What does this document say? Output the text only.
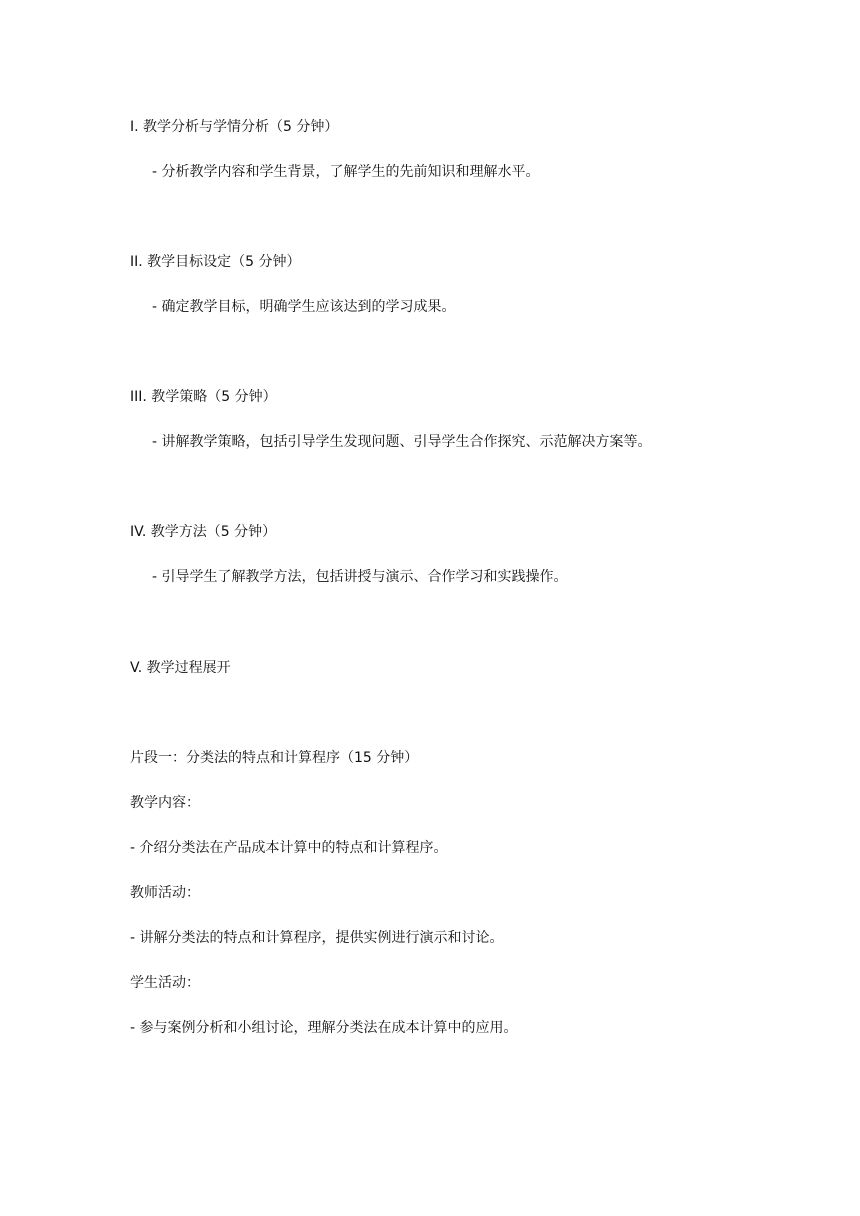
I. 教学分析与学情分析（5 分钟）
- 分析教学内容和学生背景，了解学生的先前知识和理解水平。
II. 教学目标设定（5 分钟）
- 确定教学目标，明确学生应该达到的学习成果。
III. 教学策略（5 分钟）
- 讲解教学策略，包括引导学生发现问题、引导学生合作探究、示范解决方案等。
IV. 教学方法（5 分钟）
- 引导学生了解教学方法，包括讲授与演示、合作学习和实践操作。
V. 教学过程展开
片段一：分类法的特点和计算程序（15 分钟）
教学内容：
- 介绍分类法在产品成本计算中的特点和计算程序。
教师活动：
- 讲解分类法的特点和计算程序，提供实例进行演示和讨论。
学生活动：
- 参与案例分析和小组讨论，理解分类法在成本计算中的应用。
